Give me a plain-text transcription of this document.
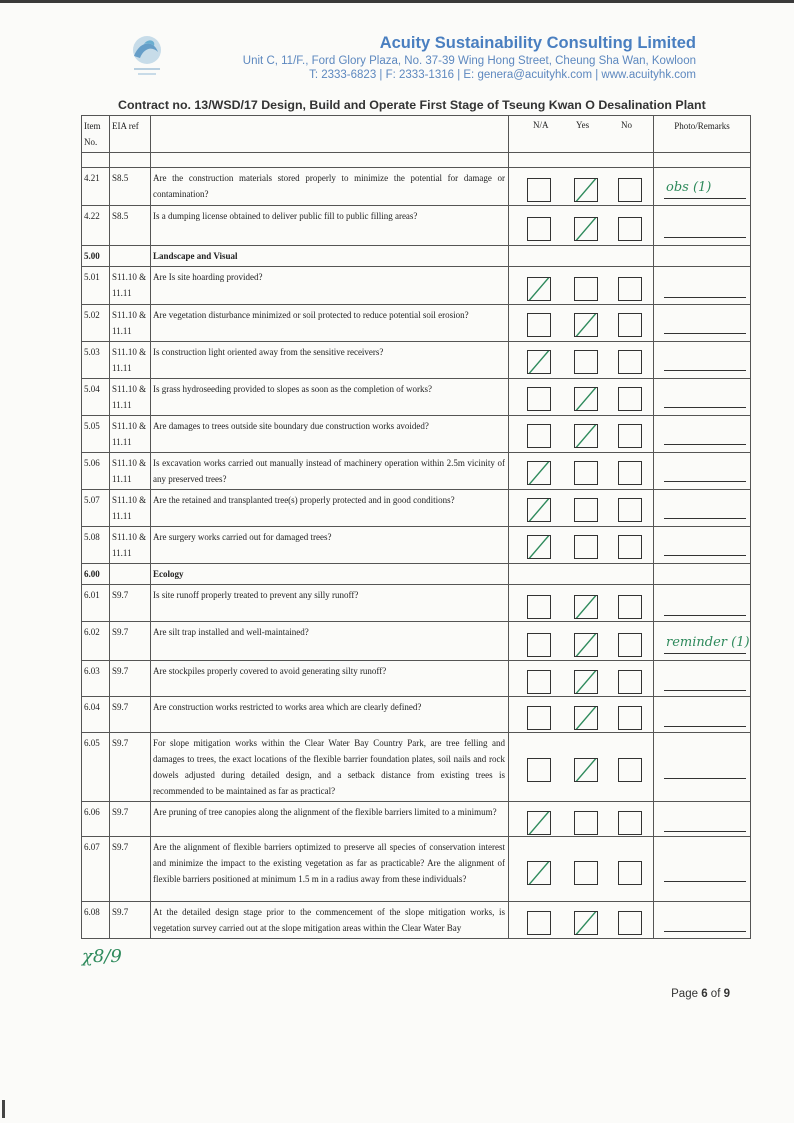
Acuity Sustainability Consulting Limited
Unit C, 11/F., Ford Glory Plaza, No. 37-39 Wing Hong Street, Cheung Sha Wan, Kowloon
T: 2333-6823 | F: 2333-1316 | E: genera@acuityhk.com | www.acuityhk.com
Contract no. 13/WSD/17 Design, Build and Operate First Stage of Tseung Kwan O Desalination Plant
Item No.	EIA ref		N/A Yes No	Photo/Remarks

4.21	S8.5	Are the construction materials stored properly to minimize the potential for damage or contamination?		obs (1)

4.22	S8.5	Is a dumping license obtained to deliver public fill to public filling areas?	

5.00		Landscape and Visual		
5.01	S11.10 & 11.11	Are Is site hoarding provided?	

5.02	S11.10 & 11.11	Are vegetation disturbance minimized or soil protected to reduce potential soil erosion?	

5.03	S11.10 & 11.11	Is construction light oriented away from the sensitive receivers?	

5.04	S11.10 & 11.11	Is grass hydroseeding provided to slopes as soon as the completion of works?	

5.05	S11.10 & 11.11	Are damages to trees outside site boundary due construction works avoided?	

5.06	S11.10 & 11.11	Is excavation works carried out manually instead of machinery operation within 2.5m vicinity of any preserved trees?	

5.07	S11.10 & 11.11	Are the retained and transplanted tree(s) properly protected and in good conditions?	

5.08	S11.10 & 11.11	Are surgery works carried out for damaged trees?	

6.00		Ecology		
6.01	S9.7	Is site runoff properly treated to prevent any silly runoff?	

6.02	S9.7	Are silt trap installed and well-maintained?		reminder (1)

6.03	S9.7	Are stockpiles properly covered to avoid generating silty runoff?	

6.04	S9.7	Are construction works restricted to works area which are clearly defined?	

6.05	S9.7	For slope mitigation works within the Clear Water Bay Country Park, are tree felling and damages to trees, the exact locations of the flexible barrier foundation plates, soil nails and rock dowels adjusted during detailed design, and a setback distance from existing trees is recommended to be maintained as far as practical?	

6.06	S9.7	Are pruning of tree canopies along the alignment of the flexible barriers limited to a minimum?	

6.07	S9.7	Are the alignment of flexible barriers optimized to preserve all species of conservation interest and minimize the impact to the existing vegetation as far as practicable? Are the alignment of flexible barriers positioned at minimum 1.5 m in a radius away from these individuals?	

6.08	S9.7	At the detailed design stage prior to the commencement of the slope mitigation works, is vegetation survey carried out at the slope mitigation areas within the Clear Water Bay	

χ8/9
Page 6 of 9
